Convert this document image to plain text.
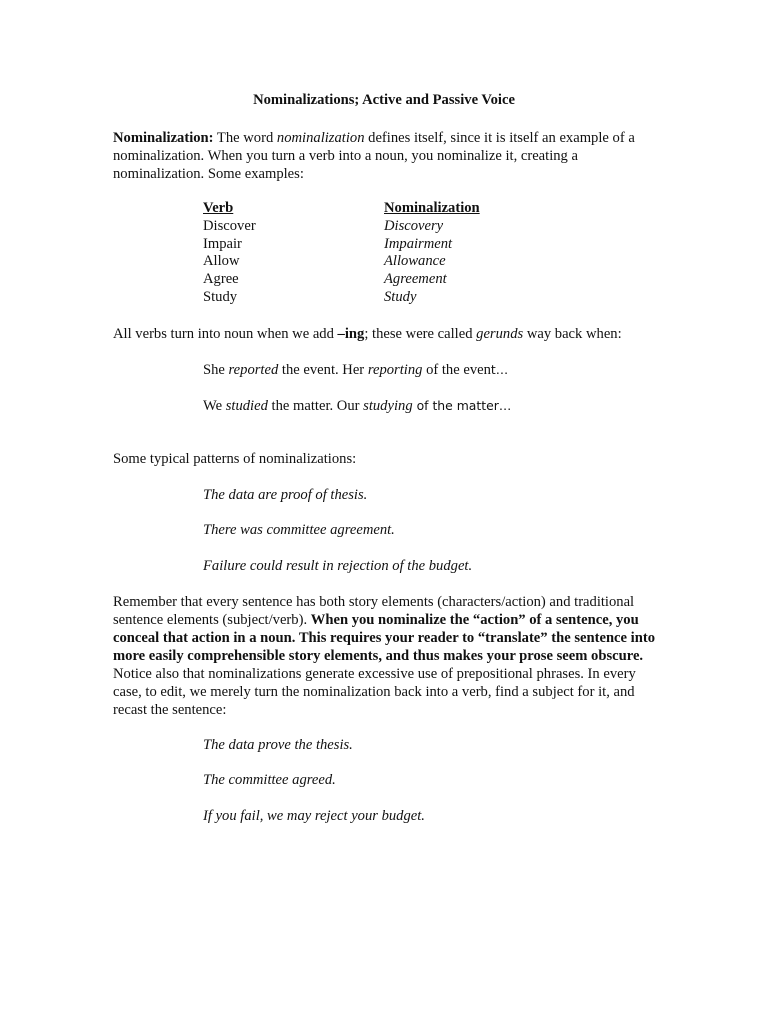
Nominalizations; Active and Passive Voice

Nominalization: The word nominalization defines itself, since it is itself an example of a nominalization. When you turn a verb into a noun, you nominalize it, creating a nominalization. Some examples:

Verb	Nominalization
Discover	Discovery
Impair	Impairment
Allow	Allowance
Agree	Agreement
Study	Study

All verbs turn into noun when we add –ing; these were called gerunds way back when:

She reported the event. Her reporting of the event…
We studied the matter. Our studying of the matter…

Some typical patterns of nominalizations:

The data are proof of thesis.
There was committee agreement.
Failure could result in rejection of the budget.

Remember that every sentence has both story elements (characters/action) and traditional sentence elements (subject/verb). When you nominalize the “action” of a sentence, you conceal that action in a noun. This requires your reader to “translate” the sentence into more easily comprehensible story elements, and thus makes your prose seem obscure. Notice also that nominalizations generate excessive use of prepositional phrases. In every case, to edit, we merely turn the nominalization back into a verb, find a subject for it, and recast the sentence:

The data prove the thesis.
The committee agreed.
If you fail, we may reject your budget.
